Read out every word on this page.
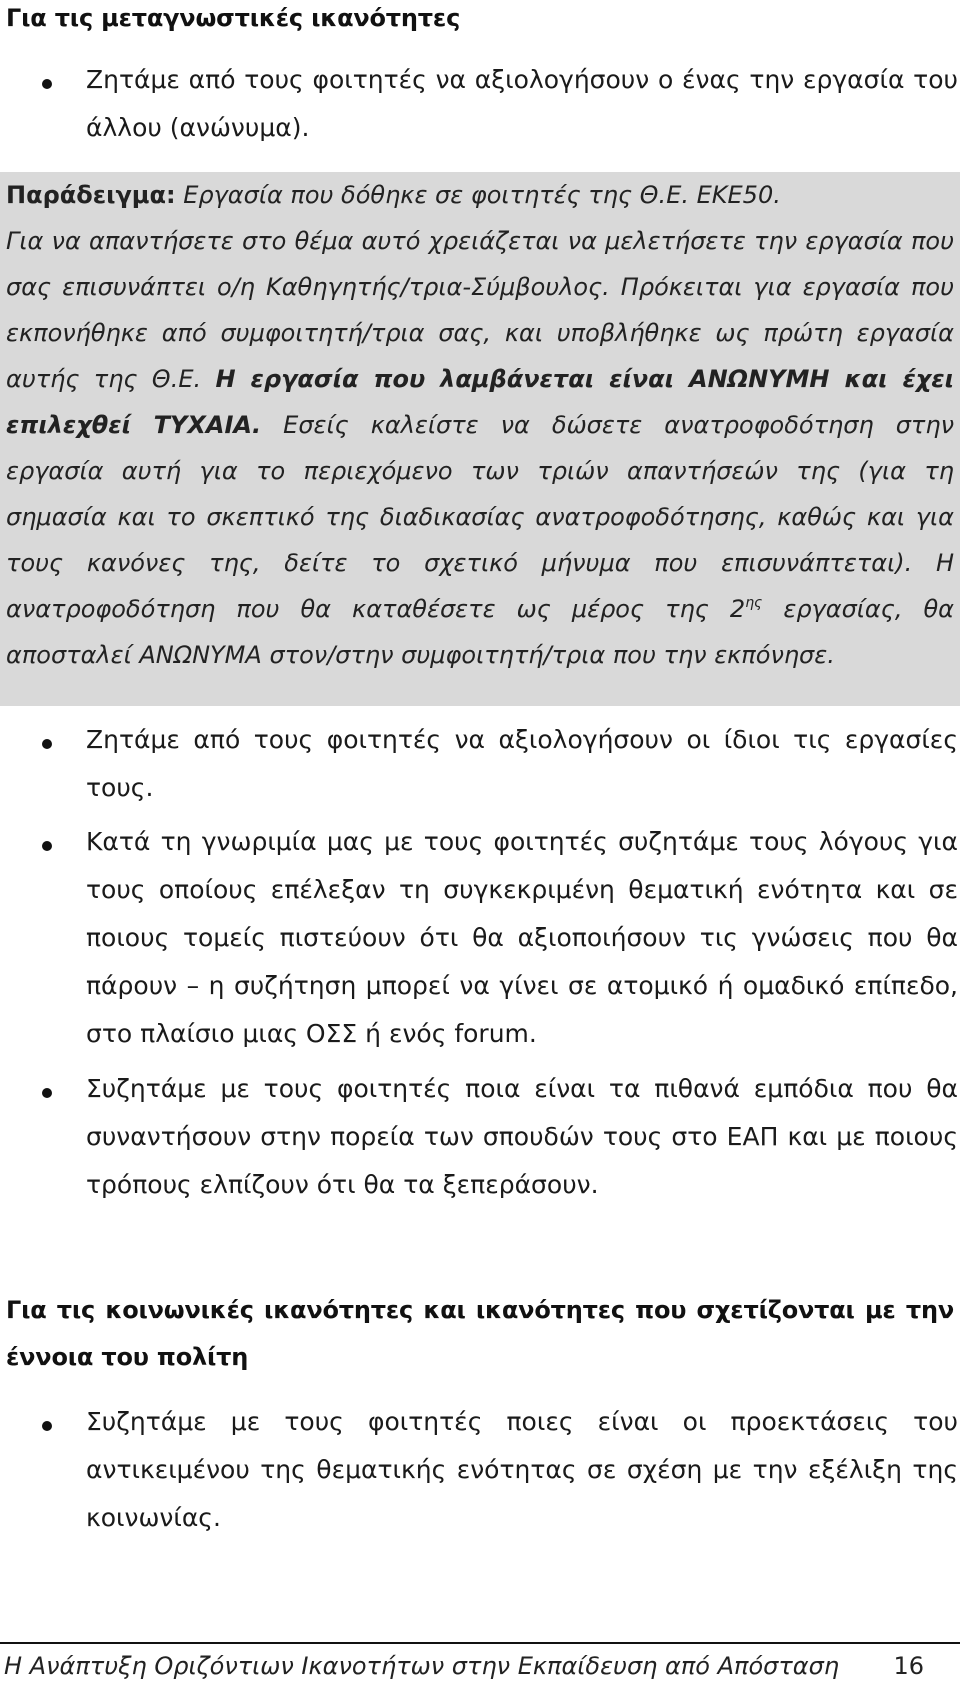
Για τις μεταγνωστικές ικανότητες
Ζητάμε από τους φοιτητές να αξιολογήσουν ο ένας την εργασία του άλλου (ανώνυμα).
Παράδειγμα: Εργασία που δόθηκε σε φοιτητές της Θ.Ε. ΕΚΕ50.
Για να απαντήσετε στο θέμα αυτό χρειάζεται να μελετήσετε την εργασία που σας επισυνάπτει ο/η Καθηγητής/τρια-Σύμβουλος. Πρόκειται για εργασία που εκπονήθηκε από συμφοιτητή/τρια σας, και υποβλήθηκε ως πρώτη εργασία αυτής της Θ.Ε. Η εργασία που λαμβάνεται είναι ΑΝΩΝΥΜΗ και έχει επιλεχθεί ΤΥΧΑΙΑ. Εσείς καλείστε να δώσετε ανατροφοδότηση στην εργασία αυτή για το περιεχόμενο των τριών απαντήσεών της (για τη σημασία και το σκεπτικό της διαδικασίας ανατροφοδότησης, καθώς και για τους κανόνες της, δείτε το σχετικό μήνυμα που επισυνάπτεται). Η ανατροφοδότηση που θα καταθέσετε ως μέρος της $2^{\eta\varsigma}$ εργασίας, θα αποσταλεί ΑΝΩΝΥΜΑ στον/στην συμφοιτητή/τρια που την εκπόνησε.
Ζητάμε από τους φοιτητές να αξιολογήσουν οι ίδιοι τις εργασίες τους.
Κατά τη γνωριμία μας με τους φοιτητές συζητάμε τους λόγους για τους οποίους επέλεξαν τη συγκεκριμένη θεματική ενότητα και σε ποιους τομείς πιστεύουν ότι θα αξιοποιήσουν τις γνώσεις που θα πάρουν – η συζήτηση μπορεί να γίνει σε ατομικό ή ομαδικό επίπεδο, στο πλαίσιο μιας ΟΣΣ ή ενός forum.
Συζητάμε με τους φοιτητές ποια είναι τα πιθανά εμπόδια που θα συναντήσουν στην πορεία των σπουδών τους στο ΕΑΠ και με ποιους τρόπους ελπίζουν ότι θα τα ξεπεράσουν.
Για τις κοινωνικές ικανότητες και ικανότητες που σχετίζονται με την έννοια του πολίτη
Συζητάμε με τους φοιτητές ποιες είναι οι προεκτάσεις του αντικειμένου της θεματικής ενότητας σε σχέση με την εξέλιξη της κοινωνίας.
Η Ανάπτυξη Οριζόντιων Ικανοτήτων στην Εκπαίδευση από Απόσταση 16
